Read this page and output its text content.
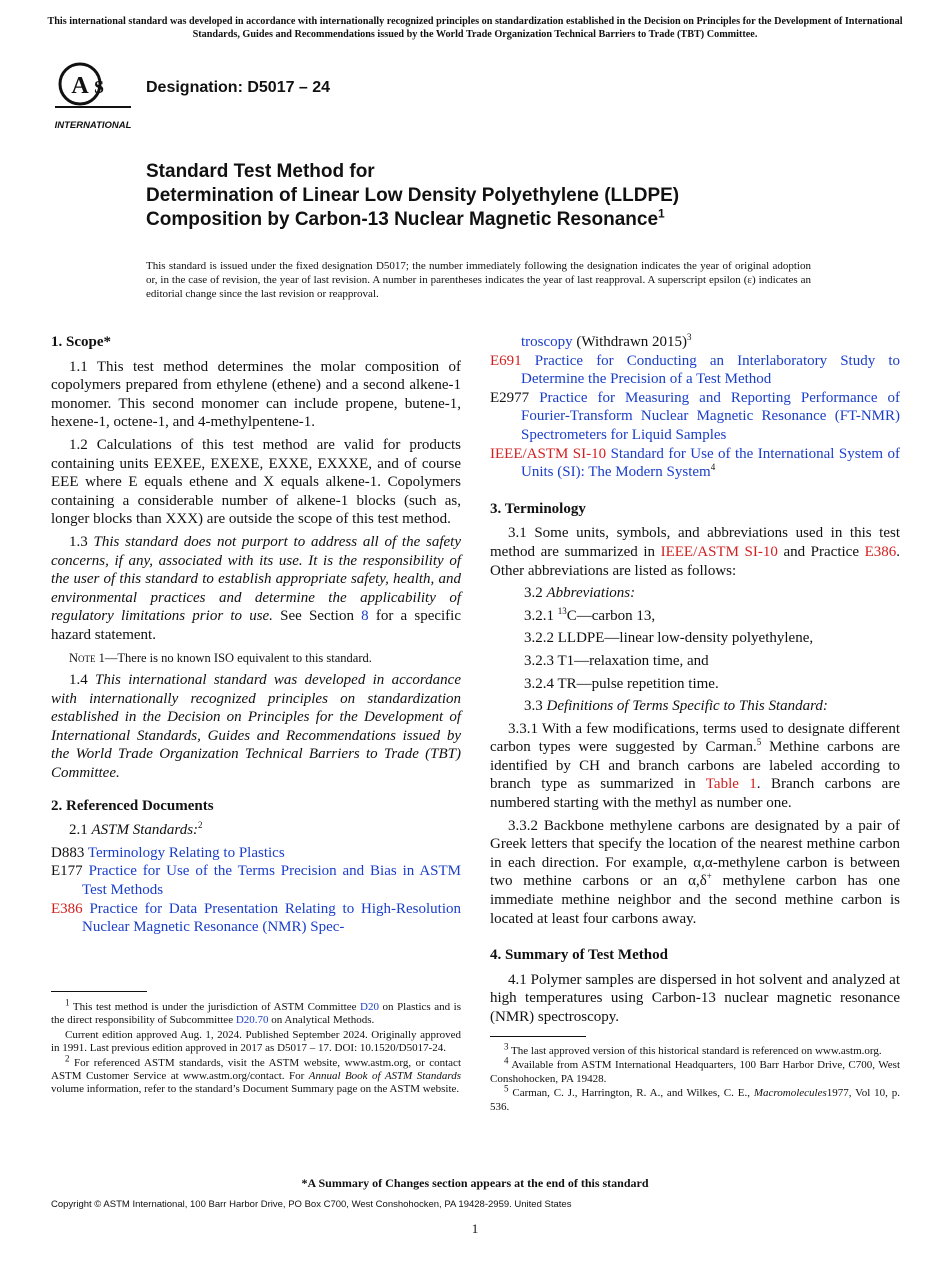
This international standard was developed in accordance with internationally recognized principles on standardization established in the Decision on Principles for the Development of International Standards, Guides and Recommendations issued by the World Trade Organization Technical Barriers to Trade (TBT) Committee.
A S
INTERNATIONAL
Designation: D5017 – 24
Standard Test Method for
Determination of Linear Low Density Polyethylene (LLDPE)
Composition by Carbon-13 Nuclear Magnetic Resonance$^1$
This standard is issued under the fixed designation D5017; the number immediately following the designation indicates the year of original adoption or, in the case of revision, the year of last revision. A number in parentheses indicates the year of last reapproval. A superscript epsilon (ε) indicates an editorial change since the last revision or reapproval.
1. Scope*

1.1 This test method determines the molar composition of copolymers prepared from ethylene (ethene) and a second alkene-1 monomer. This second monomer can include propene, butene-1, hexene-1, octene-1, and 4-methylpentene-1.

1.2 Calculations of this test method are valid for products containing units EEXEE, EXEXE, EXXE, EXXXE, and of course EEE where E equals ethene and X equals alkene-1. Copolymers containing a considerable number of alkene-1 blocks (such as, longer blocks than XXX) are outside the scope of this test method.

1.3 This standard does not purport to address all of the safety concerns, if any, associated with its use. It is the responsibility of the user of this standard to establish appropriate safety, health, and environmental practices and determine the applicability of regulatory limitations prior to use. See Section 8 for a specific hazard statement.

Note 1—There is no known ISO equivalent to this standard.

1.4 This international standard was developed in accordance with internationally recognized principles on standardization established in the Decision on Principles for the Development of International Standards, Guides and Recommendations issued by the World Trade Organization Technical Barriers to Trade (TBT) Committee.

2. Referenced Documents

2.1 ASTM Standards:$^2$

D883 Terminology Relating to Plastics
E177 Practice for Use of the Terms Precision and Bias in ASTM Test Methods
E386 Practice for Data Presentation Relating to High-Resolution Nuclear Magnetic Resonance (NMR) Spec-

$^1$ This test method is under the jurisdiction of ASTM Committee D20 on Plastics and is the direct responsibility of Subcommittee D20.70 on Analytical Methods.

Current edition approved Aug. 1, 2024. Published September 2024. Originally approved in 1991. Last previous edition approved in 2017 as D5017 – 17. DOI: 10.1520/D5017-24.

$^2$ For referenced ASTM standards, visit the ASTM website, www.astm.org, or contact ASTM Customer Service at www.astm.org/contact. For Annual Book of ASTM Standards volume information, refer to the standard’s Document Summary page on the ASTM website.

troscopy (Withdrawn 2015)$^3$
E691 Practice for Conducting an Interlaboratory Study to Determine the Precision of a Test Method
E2977 Practice for Measuring and Reporting Performance of Fourier-Transform Nuclear Magnetic Resonance (FT-NMR) Spectrometers for Liquid Samples
IEEE/ASTM SI-10 Standard for Use of the International System of Units (SI): The Modern System$^4$
3. Terminology

3.1 Some units, symbols, and abbreviations used in this test method are summarized in IEEE/ASTM SI-10 and Practice E386. Other abbreviations are listed as follows:

3.2 Abbreviations:

3.2.1 $^{13}$C—carbon 13,

3.2.2 LLDPE—linear low-density polyethylene,

3.2.3 T1—relaxation time, and

3.2.4 TR—pulse repetition time.

3.3 Definitions of Terms Specific to This Standard:

3.3.1 With a few modifications, terms used to designate different carbon types were suggested by Carman.$^5$ Methine carbons are identified by CH and branch carbons are labeled according to branch type as summarized in Table 1. Branch carbons are numbered starting with the methyl as number one.

3.3.2 Backbone methylene carbons are designated by a pair of Greek letters that specify the location of the nearest methine carbon in each direction. For example, α,α-methylene carbon is between two methine carbons or an α,δ+ methylene carbon has one immediate methine neighbor and the second methine carbon is located at least four carbons away.

4. Summary of Test Method

4.1 Polymer samples are dispersed in hot solvent and analyzed at high temperatures using Carbon-13 nuclear magnetic resonance (NMR) spectroscopy.

$^3$ The last approved version of this historical standard is referenced on www.astm.org.

$^4$ Available from ASTM International Headquarters, 100 Barr Harbor Drive, C700, West Conshohocken, PA 19428.

$^5$ Carman, C. J., Harrington, R. A., and Wilkes, C. E., Macromolecules1977, Vol 10, p. 536.

*A Summary of Changes section appears at the end of this standard
Copyright © ASTM International, 100 Barr Harbor Drive, PO Box C700, West Conshohocken, PA 19428-2959. United States
1
